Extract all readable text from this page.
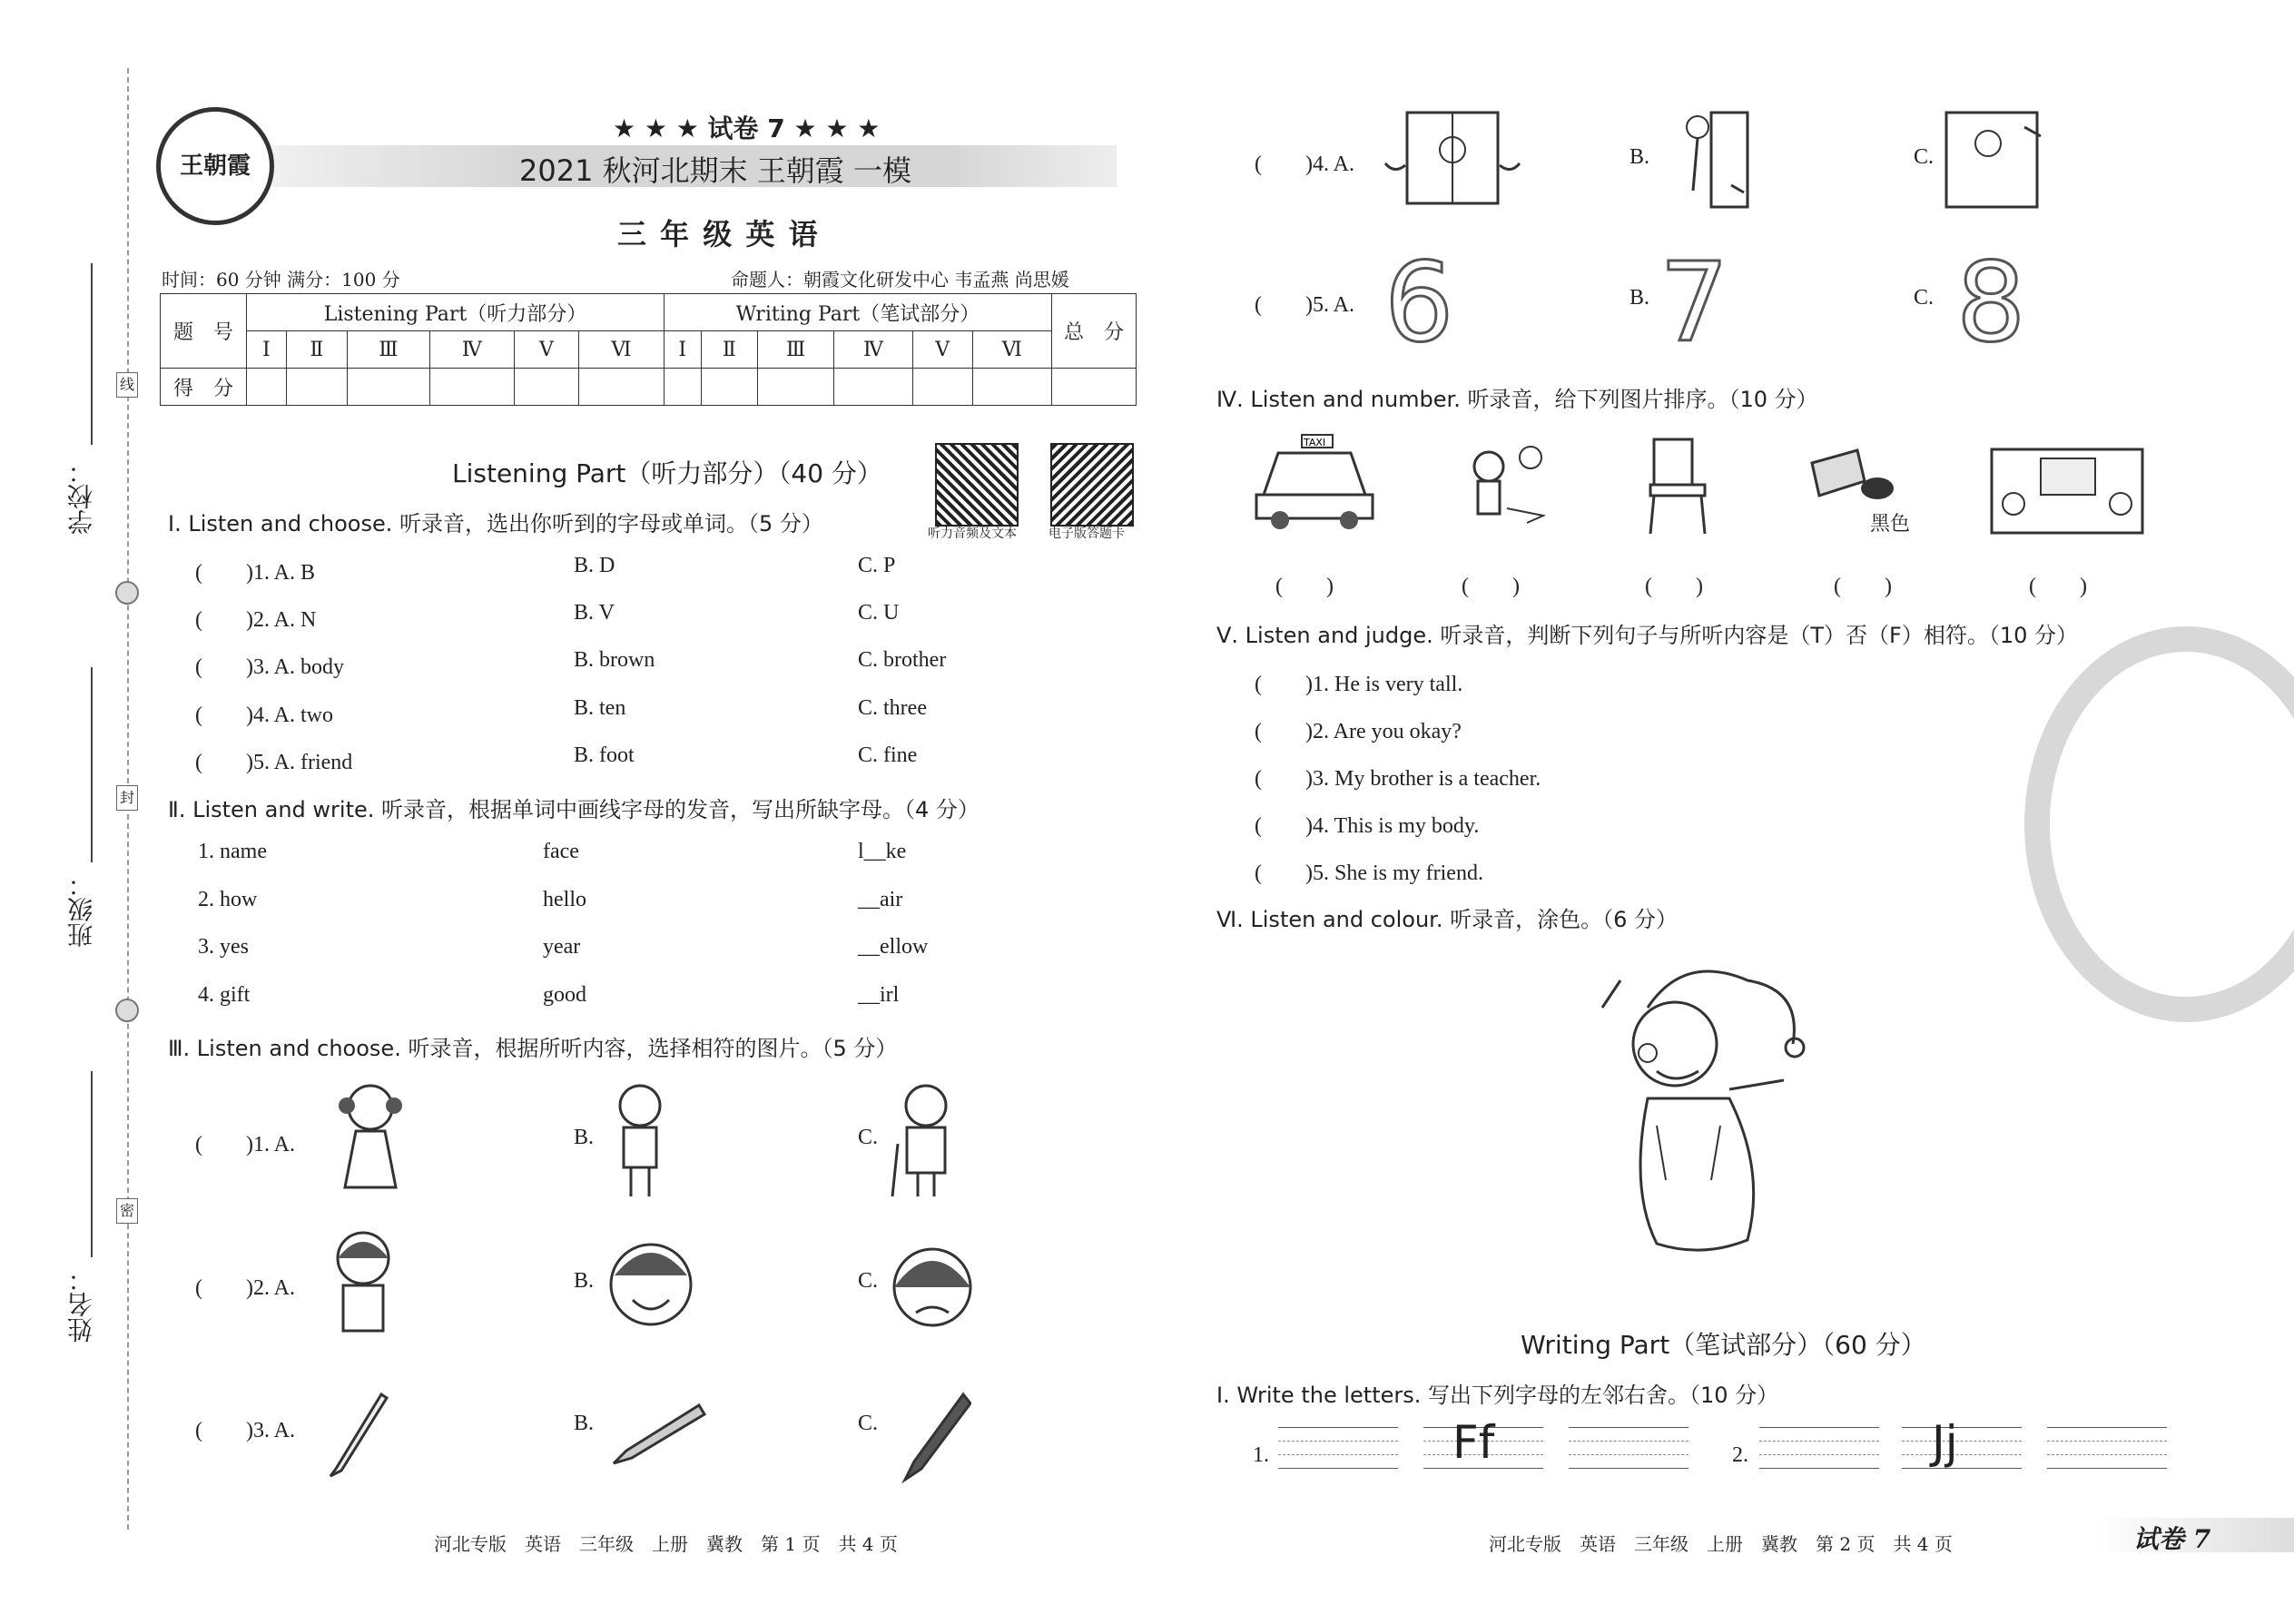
学校：
班级：
姓名：
线
封
密
王朝霞
★ ★ ★ 试卷 7 ★ ★ ★
2021 秋河北期末 王朝霞 一模
三 年 级 英 语
时间：60 分钟 满分：100 分	命题人：朝霞文化研发中心 韦孟燕 尚思媛
题　号	Listening Part（听力部分）						Writing Part（笔试部分）						总　分
	Ⅰ	Ⅱ	Ⅲ	Ⅳ	Ⅴ	Ⅵ	Ⅰ	Ⅱ	Ⅲ	Ⅳ	Ⅴ	Ⅵ	
得　分													
Listening Part（听力部分）（40 分）
听力音频及文本	电子版答题卡
Ⅰ. Listen and choose. 听录音，选出你听到的字母或单词。（5 分）
(　　)1. A. B	B. D	C. P
(　　)2. A. N	B. V	C. U
(　　)3. A. body	B. brown	C. brother
(　　)4. A. two	B. ten	C. three
(　　)5. A. friend	B. foot	C. fine
Ⅱ. Listen and write. 听录音，根据单词中画线字母的发音，写出所缺字母。（4 分）
1. name	face	l__ke
2. how	hello	__air
3. yes	year	__ellow
4. gift	good	__irl
Ⅲ. Listen and choose. 听录音，根据所听内容，选择相符的图片。（5 分）
(　　)1. A.	B.	C.
(　　)2. A.	B.	C.
(　　)3. A.	B.	C.
(　　)4. A.	B.	C.
(　　)5. A. 6	B. 7	C. 8
Ⅳ. Listen and number. 听录音，给下列图片排序。（10 分）
TAXI
黑色
(　　)	(　　)	(　　)	(　　)	(　　)
Ⅴ. Listen and judge. 听录音，判断下列句子与所听内容是（T）否（F）相符。（10 分）
(　　)1. He is very tall.
(　　)2. Are you okay?
(　　)3. My brother is a teacher.
(　　)4. This is my body.
(　　)5. She is my friend.
Ⅵ. Listen and colour. 听录音，涂色。（6 分）
Writing Part（笔试部分）（60 分）
Ⅰ. Write the letters. 写出下列字母的左邻右舍。（10 分）
1.	2.
Ff	Jj
河北专版　英语　三年级　上册　冀教　第 1 页　共 4 页	河北专版　英语　三年级　上册　冀教　第 2 页　共 4 页	试卷 7
